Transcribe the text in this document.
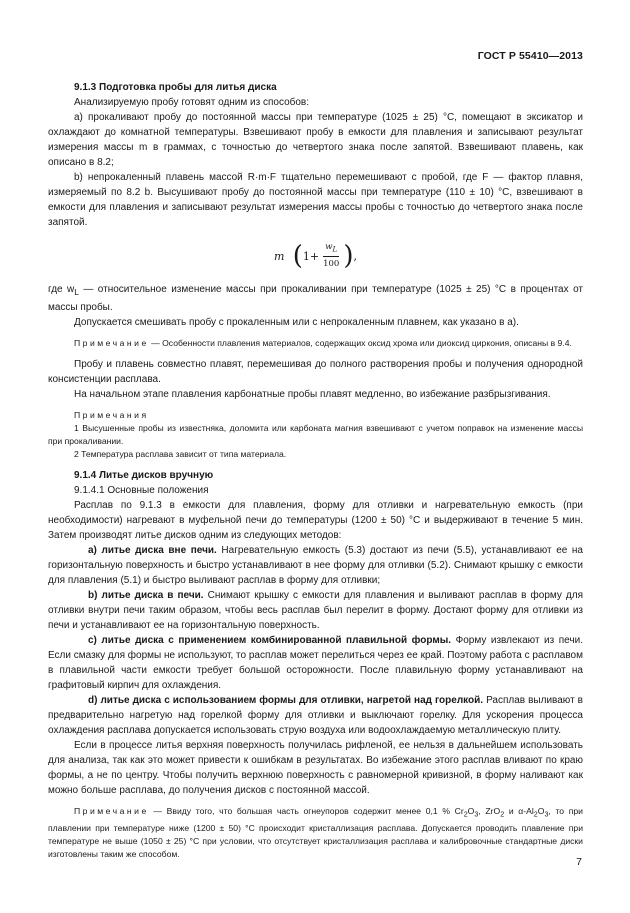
ГОСТ Р 55410—2013

9.1.3 Подготовка пробы для литья диска

Анализируемую пробу готовят одним из способов:

а) прокаливают пробу до постоянной массы при температуре (1025 ± 25) °С, помещают в эксикатор и охлаждают до комнатной температуры. Взвешивают пробу в емкости для плавления и записывают результат измерения массы m в граммах, с точностью до четвертого знака после запятой. Взвешивают плавень, как описано в 8.2;

b) непрокаленный плавень массой R·m·F тщательно перемешивают с пробой, где F — фактор плавня, измеряемый по 8.2 b. Высушивают пробу до постоянной массы при температуре (110 ± 10) °С, взвешивают в емкости для плавления и записывают результат измерения массы пробы с точностью до четвертого знака после запятой.

m ( $1+ \frac{w_L}{100}$ ) ,

где $w_L$ — относительное изменение массы при прокаливании при температуре (1025 ± 25) °С в процентах от массы пробы.

Допускается смешивать пробу с прокаленным или с непрокаленным плавнем, как указано в а).

Примечание — Особенности плавления материалов, содержащих оксид хрома или диоксид циркония, описаны в 9.4.

Пробу и плавень совместно плавят, перемешивая до полного растворения пробы и получения однородной консистенции расплава.

На начальном этапе плавления карбонатные пробы плавят медленно, во избежание разбрызгивания.

Примечания

1 Высушенные пробы из известняка, доломита или карбоната магния взвешивают с учетом поправок на изменение массы при прокаливании.

2 Температура расплава зависит от типа материала.

9.1.4 Литье дисков вручную

9.1.4.1 Основные положения

Расплав по 9.1.3 в емкости для плавления, форму для отливки и нагревательную емкость (при необходимости) нагревают в муфельной печи до температуры (1200 ± 50) °С и выдерживают в течение 5 мин. Затем производят литье дисков одним из следующих методов:

а) литье диска вне печи. Нагревательную емкость (5.3) достают из печи (5.5), устанавливают ее на горизонтальную поверхность и быстро устанавливают в нее форму для отливки (5.2). Снимают крышку с емкости для плавления (5.1) и быстро выливают расплав в форму для отливки;

b) литье диска в печи. Снимают крышку с емкости для плавления и выливают расплав в форму для отливки внутри печи таким образом, чтобы весь расплав был перелит в форму. Достают форму для отливки из печи и устанавливают ее на горизонтальную поверхность.

с) литье диска с применением комбинированной плавильной формы. Форму извлекают из печи. Если смазку для формы не используют, то расплав может перелиться через ее край. Поэтому работа с расплавом в плавильной части емкости требует большой осторожности. После плавильную форму устанавливают на графитовый кирпич для охлаждения.

d) литье диска с использованием формы для отливки, нагретой над горелкой. Расплав выливают в предварительно нагретую над горелкой форму для отливки и выключают горелку. Для ускорения процесса охлаждения расплава допускается использовать струю воздуха или водоохлаждаемую металлическую плиту.

Если в процессе литья верхняя поверхность получилась рифленой, ее нельзя в дальнейшем использовать для анализа, так как это может привести к ошибкам в результатах. Во избежание этого расплав вливают по краю формы, а не по центру. Чтобы получить верхнюю поверхность с равномерной кривизной, в форму наливают как можно больше расплава, до получения дисков с постоянной массой.

Примечание — Ввиду того, что большая часть огнеупоров содержит менее 0,1 % $Cr_2O_3$, ZrO$_2$ и $\alpha-Al_2O_3$, то при плавлении при температуре ниже (1200 ± 50) °С происходит кристаллизация расплава. Допускается проводить плавление при температуре не выше (1050 ± 25) °С при условии, что отсутствует кристаллизация расплава и калибровочные стандартные диски изготовлены таким же способом.

7
